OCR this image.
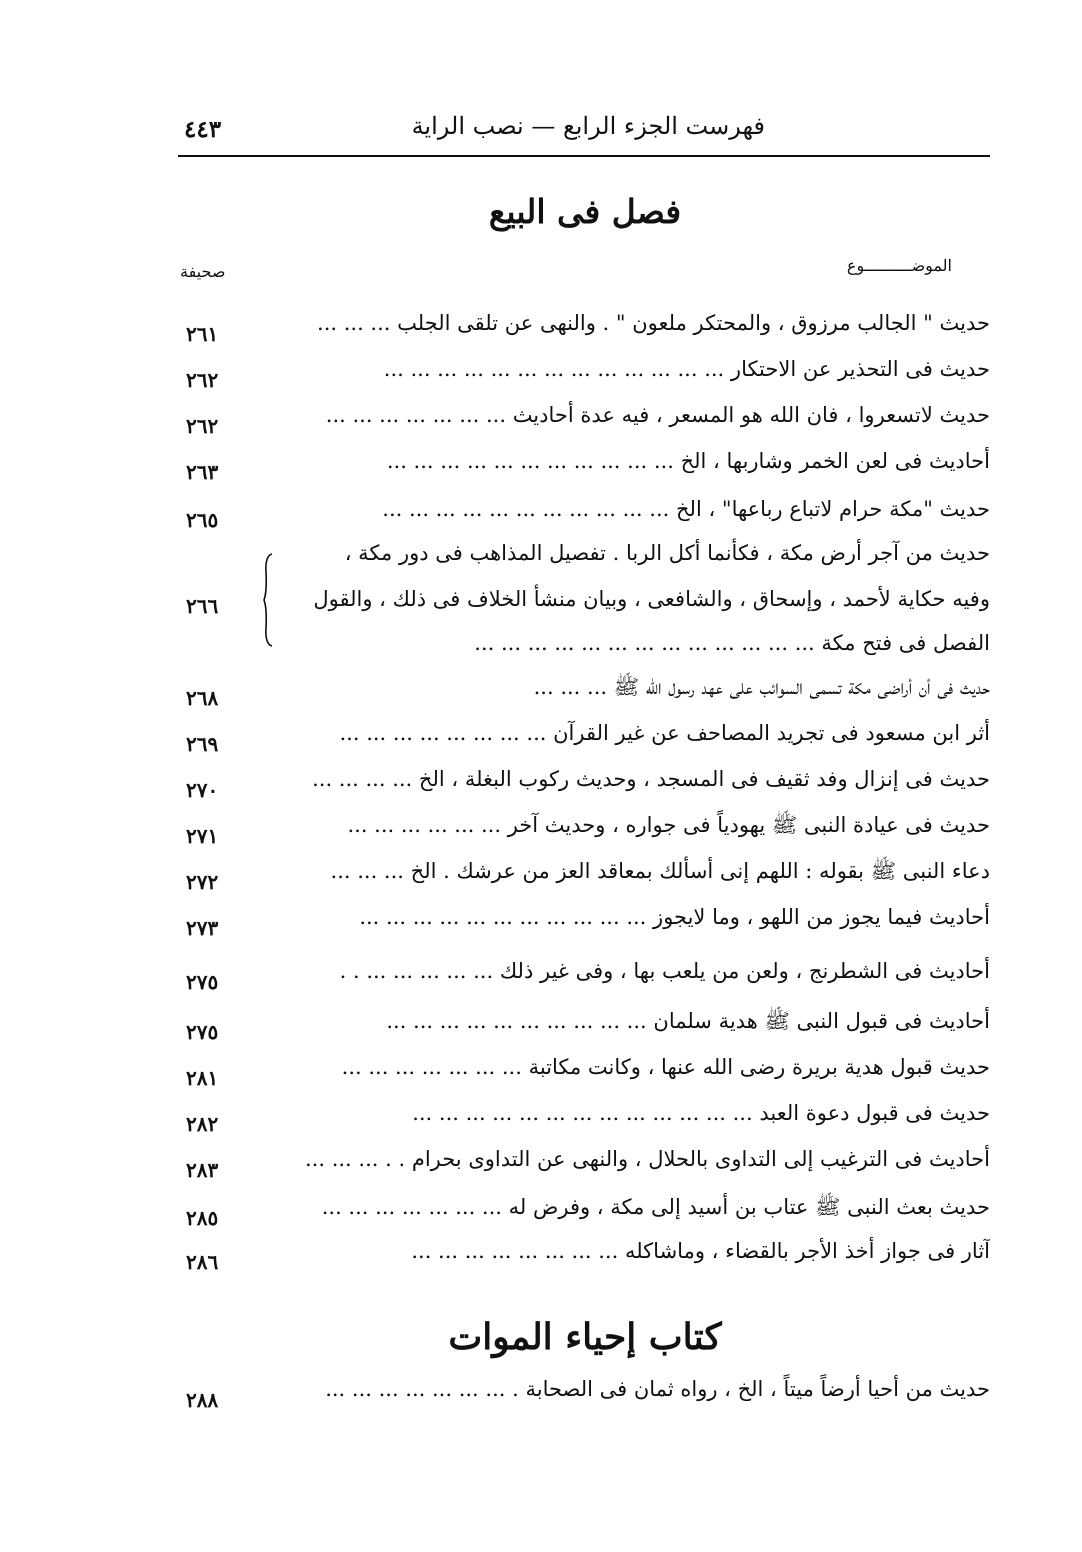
فهرست الجزء الرابع — نصب الراية
٤٤٣
فصل فى البيع
الموضــــــــــوع
صحيفة
حديث " الجالب مرزوق ، والمحتكر ملعون " . والنهى عن تلقى الجلب ... ... ...
٢٦١
حديث فى التحذير عن الاحتكار ... ... ... ... ... ... ... ... ... ... ... ... ...
٢٦٢
حديث لاتسعروا ، فان الله هو المسعر ، فيه عدة أحاديث ... ... ... ... ... ... ...
٢٦٢
أحاديث فى لعن الخمر وشاربها ، الخ ... ... ... ... ... ... ... ... ... ... ...
٢٦٣
حديث "مكة حرام لاتباع رباعها" ، الخ ... ... ... ... ... ... ... ... ... ... ...
٢٦٥
حديث من آجر أرض مكة ، فكأنما أكل الربا . تفصيل المذاهب فى دور مكة ،
وفيه حكاية لأحمد ، وإسحاق ، والشافعى ، وبيان منشأ الخلاف فى ذلك ، والقول
الفصل فى فتح مكة ... ... ... ... ... ... ... ... ... ... ... ... ...
٢٦٦
حديث فى أن أراضى مكة تسمى السوائب على عهد رسول الله ﷺ ... ... ...
٢٦٨
أثر ابن مسعود فى تجريد المصاحف عن غير القرآن ... ... ... ... ... ... ... ...
٢٦٩
حديث فى إنزال وفد ثقيف فى المسجد ، وحديث ركوب البغلة ، الخ ... ... ... ...
٢٧٠
حديث فى عيادة النبى ﷺ يهودياً فى جواره ، وحديث آخر ... ... ... ... ... ...
٢٧١
دعاء النبى ﷺ بقوله : اللهم إنى أسألك بمعاقد العز من عرشك . الخ ... ... ...
٢٧٢
أحاديث فيما يجوز من اللهو ، وما لايجوز ... ... ... ... ... ... ... ... ... ... ...
٢٧٣
أحاديث فى الشطرنج ، ولعن من يلعب بها ، وفى غير ذلك ... ... ... ... ... . .
٢٧٥
أحاديث فى قبول النبى ﷺ هدية سلمان ... ... ... ... ... ... ... ... ... ...
٢٧٥
حديث قبول هدية بريرة رضى الله عنها ، وكانت مكاتبة ... ... ... ... ... ... ...
٢٨١
حديث فى قبول دعوة العبد ... ... ... ... ... ... ... ... ... ... ... ... ...
٢٨٢
أحاديث فى الترغيب إلى التداوى بالحلال ، والنهى عن التداوى بحرام . . ... ... ...
٢٨٣
حديث بعث النبى ﷺ عتاب بن أسيد إلى مكة ، وفرض له ... ... ... ... ... ... ...
٢٨٥
آثار فى جواز أخذ الأجر بالقضاء ، وماشاكله ... ... ... ... ... ... ... ...
٢٨٦
كتاب إحياء الموات
حديث من أحيا أرضاً ميتاً ، الخ ، رواه ثمان فى الصحابة . ... ... ... ... ... ... ...
٢٨٨
